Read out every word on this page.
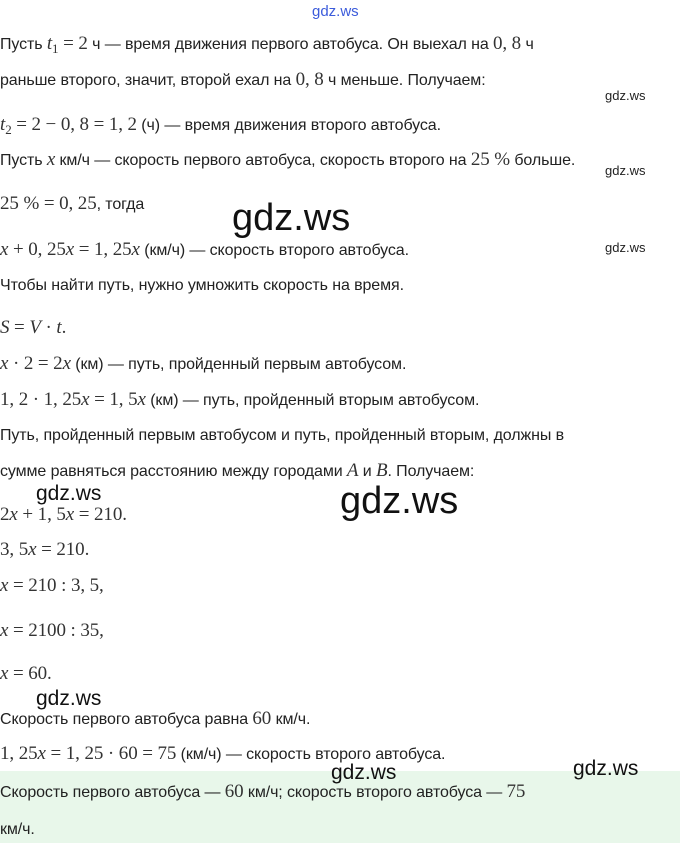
gdz.ws
Пусть $t_1 = 2$ ч — время движения первого автобуса. Он выехал на 0, 8 ч
раньше второго, значит, второй ехал на 0, 8 ч меньше. Получаем:
gdz.ws
$t_2 = 2 - 0$, 8 = 1, 2 (ч) — время движения второго автобуса.
Пусть x км/ч — скорость первого автобуса, скорость второго на 25 % больше.
gdz.ws
25 % = 0, 25, тогда gdz.ws
x + 0, 25x = 1, 25x (км/ч) — скорость второго автобуса.	gdz.ws
Чтобы найти путь, нужно умножить скорость на время.
S = V · t.
x · 2 = 2x (км) — путь, пройденный первым автобусом.
1, 2 · 1, 25x = 1, 5x (км) — путь, пройденный вторым автобусом.
Путь, пройденный первым автобусом и путь, пройденный вторым, должны в
сумме равняться расстоянию между городами A и B. Получаем:
gdz.ws	gdz.ws
2x + 1, 5x = 210.
3, 5x = 210.
x = 210 : 3, 5,
x = 2100 : 35,
x = 60.
gdz.ws
Скорость первого автобуса равна 60 км/ч.
1, 25x = 1, 25 · 60 = 75 (км/ч) — скорость второго автобуса.
gdz.ws	gdz.ws
Скорость первого автобуса — 60 км/ч; скорость второго автобуса — 75
км/ч.
